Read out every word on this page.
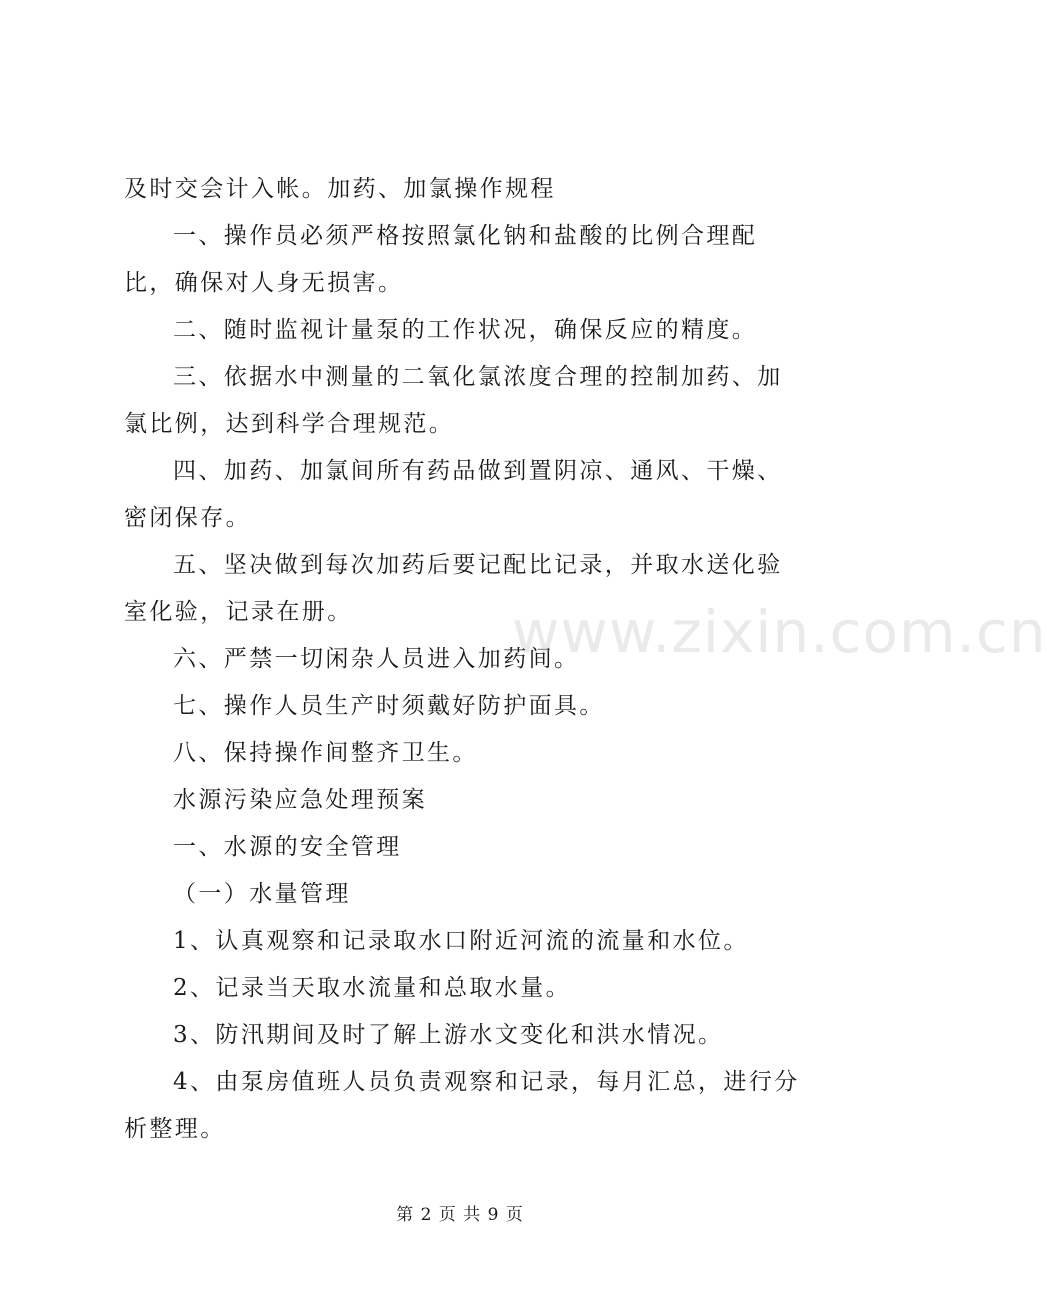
及时交会计入帐。加药、加氯操作规程

一、操作员必须严格按照氯化钠和盐酸的比例合理配比，确保对人身无损害。

二、随时监视计量泵的工作状况，确保反应的精度。

三、依据水中测量的二氧化氯浓度合理的控制加药、加氯比例，达到科学合理规范。

四、加药、加氯间所有药品做到置阴凉、通风、干燥、密闭保存。

五、坚决做到每次加药后要记配比记录，并取水送化验室化验，记录在册。

六、严禁一切闲杂人员进入加药间。

七、操作人员生产时须戴好防护面具。

八、保持操作间整齐卫生。

水源污染应急处理预案

一、水源的安全管理

（一）水量管理

1、认真观察和记录取水口附近河流的流量和水位。

2、记录当天取水流量和总取水量。

3、防汛期间及时了解上游水文变化和洪水情况。

4、由泵房值班人员负责观察和记录，每月汇总，进行分析整理。

www.zixin.com.cn
第 2 页 共 9 页
